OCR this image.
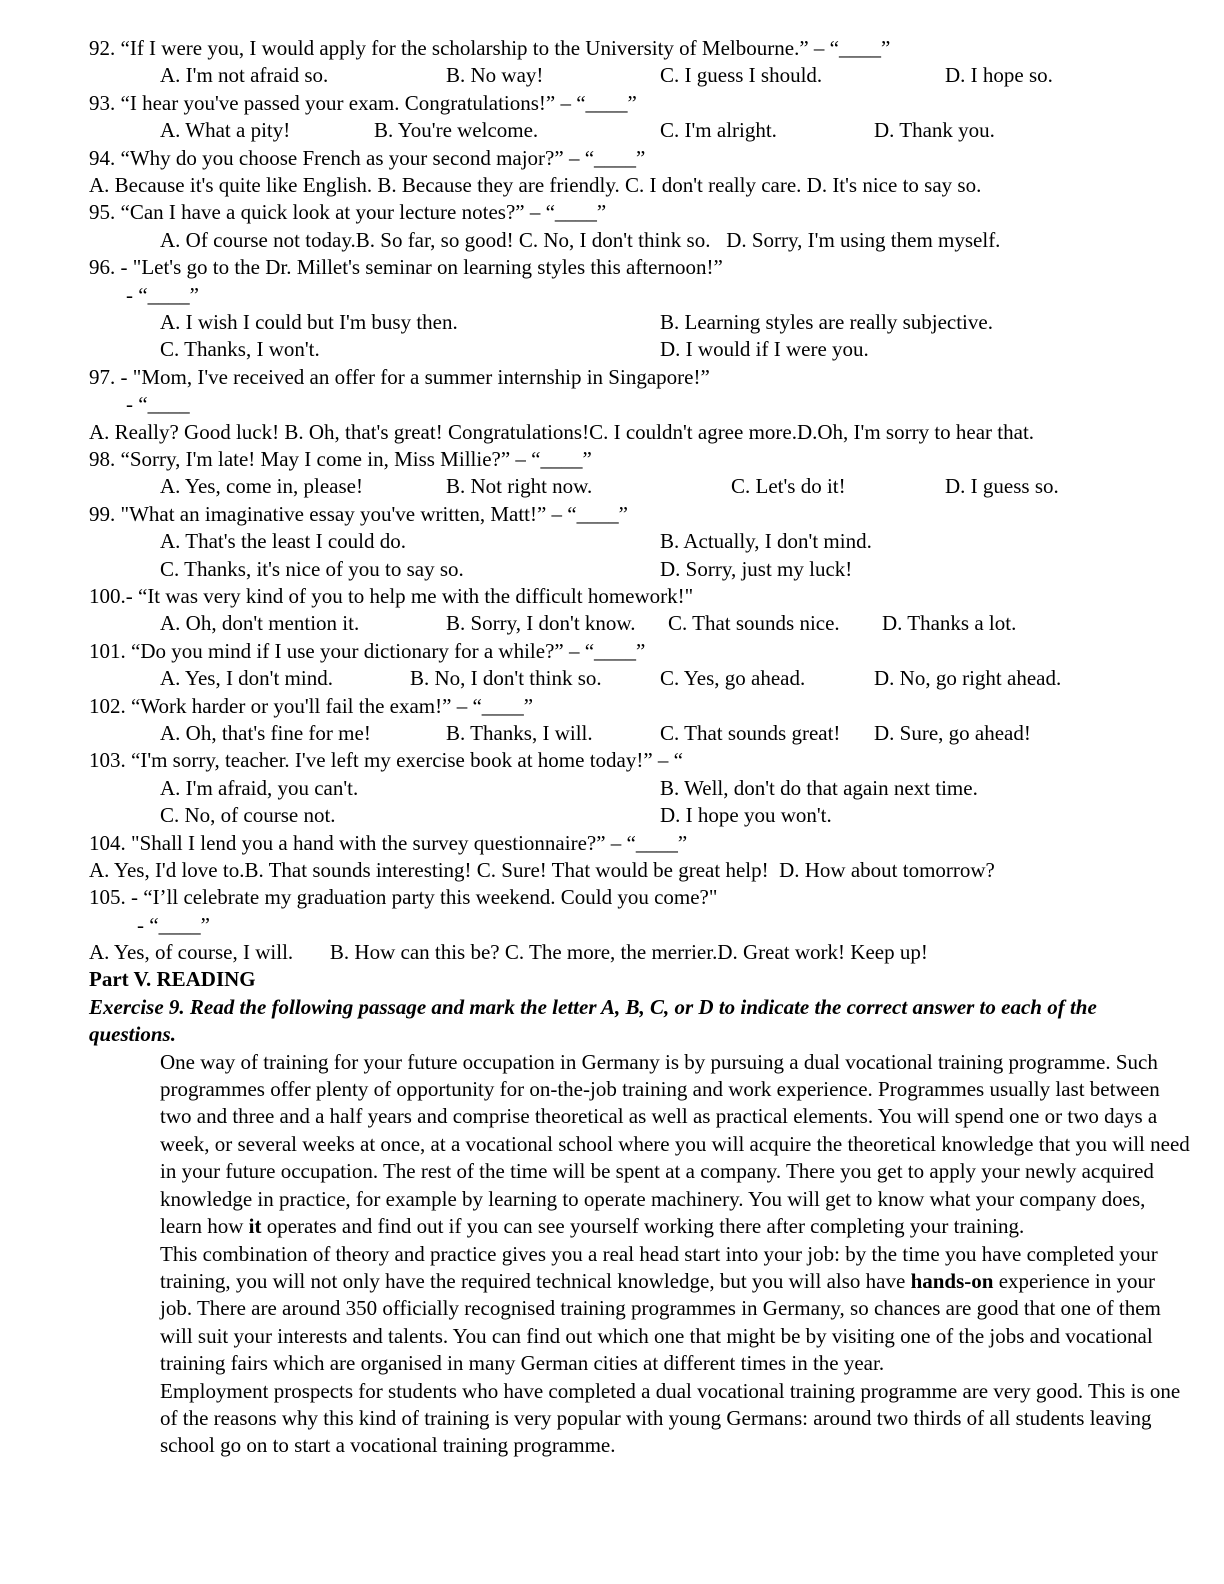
92. “If I were you, I would apply for the scholarship to the University of Melbourne.” – “____”
A. I'm not afraid so.	B. No way!	C. I guess I should.	D. I hope so.
93. “I hear you've passed your exam. Congratulations!” – “____”
A. What a pity!	B. You're welcome.	C. I'm alright.	D. Thank you.
94. “Why do you choose French as your second major?” – “____”
A. Because it's quite like English. B. Because they are friendly. C. I don't really care. D. It's nice to say so.
95. “Can I have a quick look at your lecture notes?” – “____”
A. Of course not today.B. So far, so good! C. No, I don't think so.   D. Sorry, I'm using them myself.
96. - "Let's go to the Dr. Millet's seminar on learning styles this afternoon!”
- “____”
A. I wish I could but I'm busy then.	B. Learning styles are really subjective.
C. Thanks, I won't.	D. I would if I were you.
97. - "Mom, I've received an offer for a summer internship in Singapore!”
- “____
A. Really? Good luck! B. Oh, that's great! Congratulations!C. I couldn't agree more.D.Oh, I'm sorry to hear that.
98. “Sorry, I'm late! May I come in, Miss Millie?” – “____”
A. Yes, come in, please!	B. Not right now.	C. Let's do it!	D. I guess so.
99. "What an imaginative essay you've written, Matt!” – “____”
A. That's the least I could do.	B. Actually, I don't mind.
C. Thanks, it's nice of you to say so.	D. Sorry, just my luck!
100.- “It was very kind of you to help me with the difficult homework!"
A. Oh, don't mention it.	B. Sorry, I don't know.	C. That sounds nice.	D. Thanks a lot.
101. “Do you mind if I use your dictionary for a while?” – “____”
A. Yes, I don't mind.	B. No, I don't think so.	C. Yes, go ahead.	D. No, go right ahead.
102. “Work harder or you'll fail the exam!” – “____”
A. Oh, that's fine for me!	B. Thanks, I will.	C. That sounds great!	D. Sure, go ahead!
103. “I'm sorry, teacher. I've left my exercise book at home today!” – “
A. I'm afraid, you can't.	B. Well, don't do that again next time.
C. No, of course not.	D. I hope you won't.
104. "Shall I lend you a hand with the survey questionnaire?” – “____”
A. Yes, I'd love to.B. That sounds interesting! C. Sure! That would be great help!  D. How about tomorrow?
105. - “I’ll celebrate my graduation party this weekend. Could you come?"
- “____”
A. Yes, of course, I will.       B. How can this be? C. The more, the merrier.D. Great work! Keep up!
Part V. READING
Exercise 9. Read the following passage and mark the letter A, B, C, or D to indicate the correct answer to each of the questions.

One way of training for your future occupation in Germany is by pursuing a dual vocational training programme. Such programmes offer plenty of opportunity for on-the-job training and work experience. Programmes usually last between two and three and a half years and comprise theoretical as well as practical elements. You will spend one or two days a week, or several weeks at once, at a vocational school where you will acquire the theoretical knowledge that you will need in your future occupation. The rest of the time will be spent at a company. There you get to apply your newly acquired knowledge in practice, for example by learning to operate machinery. You will get to know what your company does, learn how it operates and find out if you can see yourself working there after completing your training.

This combination of theory and practice gives you a real head start into your job: by the time you have completed your training, you will not only have the required technical knowledge, but you will also have hands-on experience in your job. There are around 350 officially recognised training programmes in Germany, so chances are good that one of them will suit your interests and talents. You can find out which one that might be by visiting one of the jobs and vocational training fairs which are organised in many German cities at different times in the year.

Employment prospects for students who have completed a dual vocational training programme are very good. This is one of the reasons why this kind of training is very popular with young Germans: around two thirds of all students leaving school go on to start a vocational training programme.
